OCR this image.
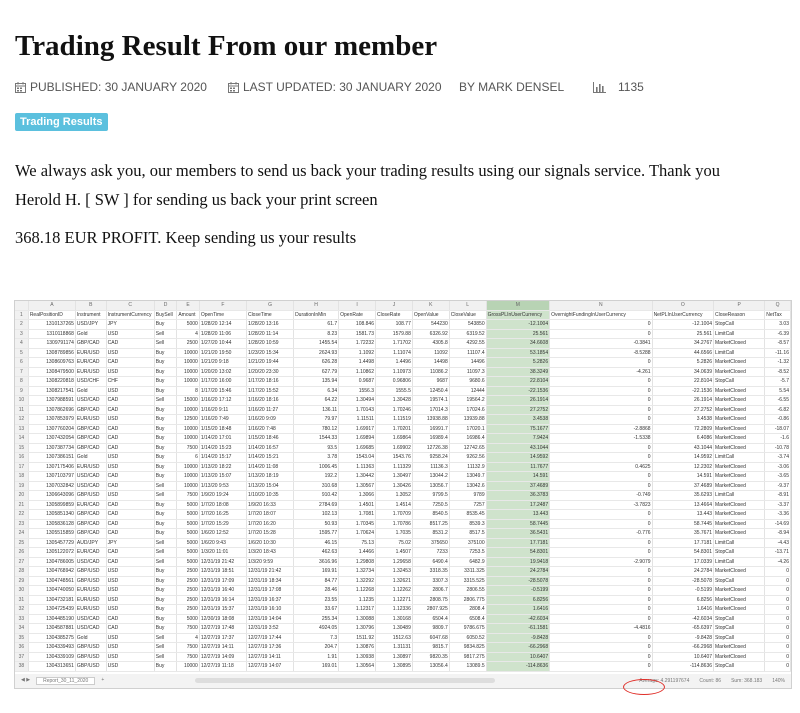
Trading Result From our member
PUBLISHED: 30 JANUARY 2020	LAST UPDATED: 30 JANUARY 2020 BY MARK DENSEL	1135
Trading Results

We always ask you, our members to send us back your trading results using our signals service. Thank you

Herold H. [ SW ] for sending us back your print screen

368.18 EUR PROFIT. Keep sending us your results

	A	B	C	D	E	F	G	H	I	J	K	L	M	N	O	P	Q
1	RealPositionID	Instrument	InstrumentCurrency	BuySell	Amount	OpenTime	CloseTime	DurationInMin	OpenRate	CloseRate	OpenValue	CloseValue	GrossPLInUserCurrency	OvernightFundingInUserCurrency	NetPLInUserCurrency	CloseReason	NetTax
2	1310137265	USD/JPY	JPY	Buy	5000	1/28/20 12:14	1/28/20 13:16	61.7	108.846	108.77	544230	543850	-12.1004	0	-12.1004	StopCall	3.03
3	1310118868	Gold	USD	Sell	4	1/28/20 11:06	1/28/20 11:14	8.23	1581.73	1579.88	6326.92	6319.52	25.561	0	25.561	LimitCall	-6.39
4	1309791174	GBP/CAD	CAD	Sell	2500	1/27/20 10:44	1/28/20 10:59	1455.54	1.72232	1.71702	4305.8	4292.55	34.6608	-0.3841	34.2767	MarketClosed	-8.57
5	1308789856	EUR/USD	USD	Buy	10000	1/21/20 19:50	1/23/20 15:34	2624.93	1.1092	1.11074	11092	11107.4	53.1854	-8.5288	44.6566	LimitCall	-11.16
6	1308609763	EUR/CAD	CAD	Buy	10000	1/21/20 9:18	1/21/20 19:44	626.28	1.4498	1.4496	14498	14496	5.2826	0	5.2826	MarketClosed	-1.32
7	1308479500	EUR/USD	USD	Buy	10000	1/20/20 13:02	1/20/20 23:30	627.79	1.10862	1.10973	11086.2	11097.3	38.3249	-4.261	34.0639	MarketClosed	-8.52
8	1308220818	USD/CHF	CHF	Buy	10000	1/17/20 16:00	1/17/20 18:16	135.94	0.9687	0.96806	9687	9680.6	22.8104	0	22.8104	StopCall	-5.7
9	1308217541	Gold	USD	Buy	8	1/17/20 15:46	1/17/20 15:52	6.34	1556.3	1555.5	12450.4	12444	-22.1536	0	-22.1536	MarketClosed	5.54
10	1307988591	USD/CAD	CAD	Sell	15000	1/16/20 17:12	1/16/20 18:16	64.22	1.30494	1.30428	19574.1	19564.2	26.1914	0	26.1914	MarketClosed	-6.55
11	1307862696	GBP/CAD	CAD	Buy	10000	1/16/20 9:11	1/16/20 11:27	136.11	1.70143	1.70246	17014.3	17024.6	27.2752	0	27.2752	MarketClosed	-6.82
12	1307853979	EUR/USD	USD	Buy	12500	1/16/20 7:49	1/16/20 9:09	79.97	1.11511	1.11519	13938.88	13939.88	3.4538	0	3.4538	MarketClosed	-0.86
13	1307760204	GBP/CAD	CAD	Buy	10000	1/15/20 18:48	1/16/20 7:48	780.12	1.69917	1.70201	16991.7	17020.1	75.1677	-2.8868	72.2809	MarketClosed	-18.07
14	1307432054	GBP/CAD	CAD	Buy	10000	1/14/20 17:01	1/15/20 18:46	1544.33	1.69894	1.69864	16989.4	16986.4	7.9424	-1.5338	6.4086	MarketClosed	-1.6
15	1307387734	GBP/CAD	CAD	Buy	7500	1/14/20 15:23	1/14/20 16:57	93.5	1.69685	1.69902	12726.38	12742.65	43.1044	0	43.1044	MarketClosed	-10.78
16	1307386151	Gold	USD	Buy	6	1/14/20 15:17	1/14/20 15:21	3.78	1543.04	1543.76	9258.24	9262.56	14.9592	0	14.9592	LimitCall	-3.74
17	1307175406	EUR/USD	USD	Buy	10000	1/13/20 18:22	1/14/20 11:08	1006.45	1.11363	1.11329	11136.3	11132.9	11.7677	0.4625	12.2302	MarketClosed	-3.06
18	1307103797	USD/CAD	CAD	Buy	10000	1/13/20 15:07	1/13/20 18:19	192.2	1.30442	1.30497	13044.2	13049.7	14.591	0	14.591	MarketClosed	-3.65
19	1307032842	USD/CAD	CAD	Sell	10000	1/13/20 9:53	1/13/20 15:04	310.68	1.30567	1.30426	13056.7	13042.6	37.4689	0	37.4689	MarketClosed	-9.37
20	1306643096	GBP/USD	USD	Sell	7500	1/9/20 19:24	1/10/20 10:35	910.42	1.3066	1.3052	9799.5	9789	36.3783	-0.749	35.6293	LimitCall	-8.91
21	1305899859	EUR/CAD	CAD	Buy	5000	1/7/20 18:08	1/9/20 16:33	2784.69	1.4501	1.4514	7250.5	7257	17.2487	-3.7823	13.4664	MarketClosed	-3.37
22	1305851340	GBP/CAD	CAD	Buy	5000	1/7/20 16:25	1/7/20 18:07	102.13	1.7081	1.70709	8540.5	8535.45	13.443	0	13.443	MarketClosed	-3.36
23	1305836128	GBP/CAD	CAD	Buy	5000	1/7/20 15:29	1/7/20 16:20	50.93	1.70345	1.70786	8517.25	8539.3	58.7445	0	58.7445	MarketClosed	-14.69
24	1305515859	GBP/CAD	CAD	Buy	5000	1/6/20 12:52	1/7/20 15:28	1595.77	1.70624	1.7035	8531.2	8517.5	36.5431	-0.776	35.7671	MarketClosed	-8.94
25	1305457729	AUD/JPY	JPY	Sell	5000	1/6/20 9:43	1/6/20 10:30	46.15	75.13	75.02	375650	375100	17.7181	0	17.7181	LimitCall	-4.43
26	1305122072	EUR/CAD	CAD	Sell	5000	1/3/20 11:01	1/3/20 18:43	462.63	1.4466	1.4507	7233	7253.5	54.8301	0	54.8301	StopCall	-13.71
27	1304786005	USD/CAD	CAD	Sell	5000	12/31/19 21:42	1/3/20 9:59	3616.96	1.29808	1.29658	6490.4	6482.9	19.9418	-2.9079	17.0339	LimitCall	-4.26
28	1304768942	GBP/USD	USD	Buy	2500	12/31/19 18:51	12/31/19 21:42	169.91	1.32734	1.32453	3318.35	3311.325	24.2784	0	24.2784	MarketClosed	0
29	1304748561	GBP/USD	USD	Buy	2500	12/31/19 17:09	12/31/19 18:34	84.77	1.32292	1.32621	3307.3	3315.525	-28.5078	0	-28.5078	StopCall	0
30	1304740050	EUR/USD	USD	Buy	2500	12/31/19 16:40	12/31/19 17:08	28.46	1.12268	1.12262	2806.7	2806.55	-0.5199	0	-0.5199	MarketClosed	0
31	1304732181	EUR/USD	USD	Buy	2500	12/31/19 16:14	12/31/19 16:37	23.55	1.1235	1.12271	2808.75	2806.775	6.8256	0	6.8256	MarketClosed	0
32	1304725439	EUR/USD	USD	Buy	2500	12/31/19 15:37	12/31/19 16:10	33.67	1.12317	1.12336	2807.925	2808.4	1.6416	0	1.6416	MarketClosed	0
33	1304485190	USD/CAD	CAD	Buy	5000	12/30/19 18:08	12/31/19 14:04	255.34	1.30088	1.30168	6504.4	6508.4	-42.6034	0	-42.6034	StopCall	0
34	1304587881	USD/CAD	CAD	Buy	7500	12/27/19 17:48	12/31/19 3:52	4924.05	1.30796	1.30489	9809.7	9786.675	-61.1581	-4.4816	-65.6397	StopCall	0
35	1304385275	Gold	USD	Sell	4	12/27/19 17:37	12/27/19 17:44	7.3	1511.92	1512.63	6047.68	6050.52	-9.8428	0	-9.8428	StopCall	0
36	1304339493	GBP/USD	USD	Sell	7500	12/27/19 14:11	12/27/19 17:36	204.7	1.30876	1.31131	9815.7	9834.825	-66.2968	0	-66.2968	MarketClosed	0
37	1304339109	GBP/USD	USD	Sell	7500	12/27/19 14:09	12/27/19 14:11	1.91	1.30938	1.30897	9820.35	9817.275	10.6407	0	10.6407	MarketClosed	0
38	1304313651	GBP/USD	USD	Buy	10000	12/27/19 11:18	12/27/19 14:07	169.01	1.30564	1.30895	13056.4	13089.5	-114.8636	0	-114.8636	StopCall	0
◀ ▶	Report_30_11_2020	+	Average: 4.291197674 Count: 86 Sum: 368.183 140%
